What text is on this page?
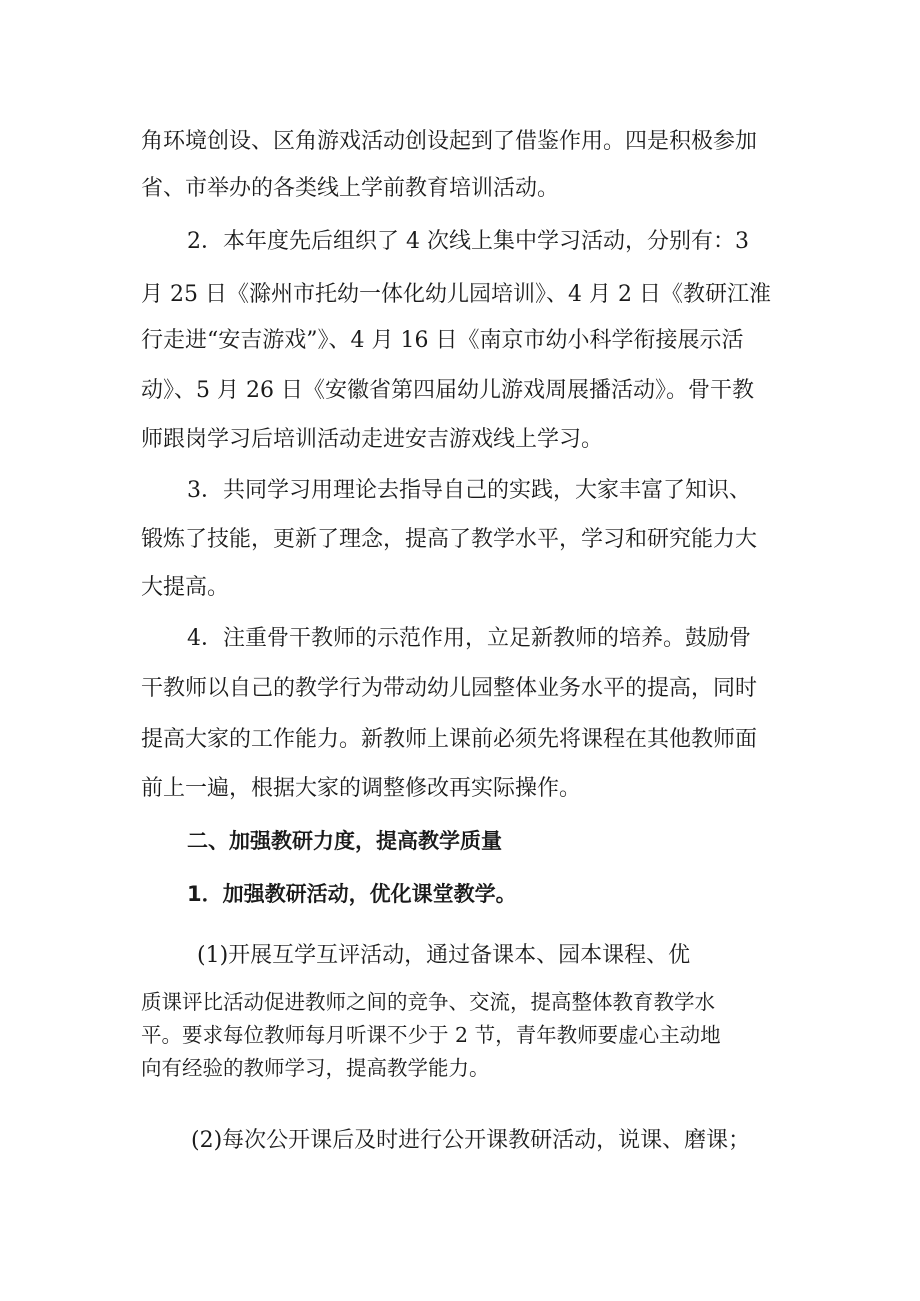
角环境创设、区角游戏活动创设起到了借鉴作用。四是积极参加
省、市举办的各类线上学前教育培训活动。
2．本年度先后组织了 4 次线上集中学习活动，分别有：3
月 25 日《滁州市托幼一体化幼儿园培训》、4 月 2 日《教研江淮
行走进“安吉游戏”》、4 月 16 日《南京市幼小科学衔接展示活
动》、5 月 26 日《安徽省第四届幼儿游戏周展播活动》。骨干教
师跟岗学习后培训活动走进安吉游戏线上学习。
3．共同学习用理论去指导自己的实践，大家丰富了知识、
锻炼了技能，更新了理念，提高了教学水平，学习和研究能力大
大提高。
4．注重骨干教师的示范作用，立足新教师的培养。鼓励骨
干教师以自己的教学行为带动幼儿园整体业务水平的提高，同时
提高大家的工作能力。新教师上课前必须先将课程在其他教师面
前上一遍，根据大家的调整修改再实际操作。
二、加强教研力度，提高教学质量
1．加强教研活动，优化课堂教学。
(1)开展互学互评活动，通过备课本、园本课程、优
质课评比活动促进教师之间的竞争、交流，提高整体教育教学水
平。要求每位教师每月听课不少于 2 节，青年教师要虚心主动地
向有经验的教师学习，提高教学能力。
(2)每次公开课后及时进行公开课教研活动，说课、磨课；
